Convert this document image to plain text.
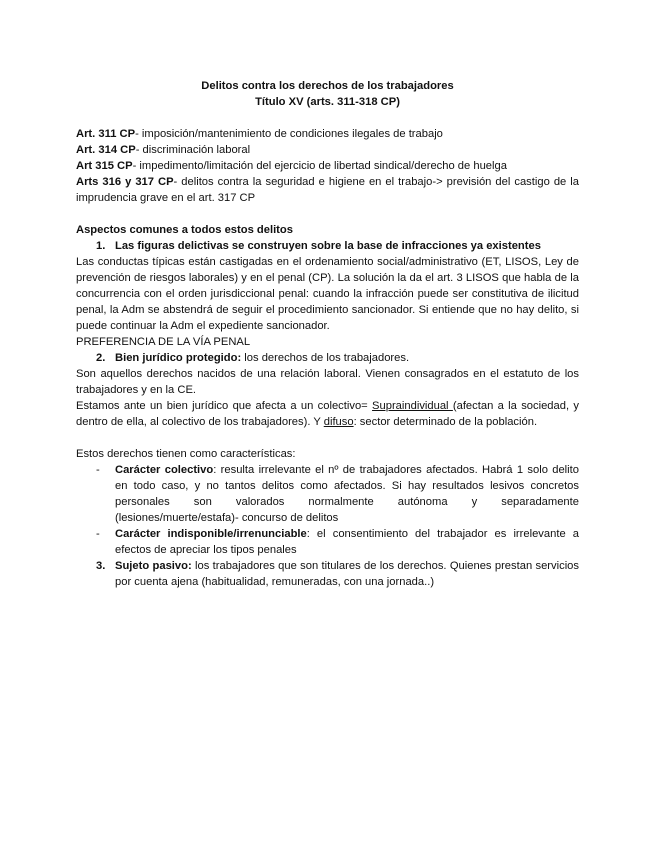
Delitos contra los derechos de los trabajadores
Título XV (arts. 311-318 CP)

Art. 311 CP- imposición/mantenimiento de condiciones ilegales de trabajo

Art. 314 CP- discriminación laboral

Art 315 CP- impedimento/limitación del ejercicio de libertad sindical/derecho de huelga

Arts 316 y 317 CP- delitos contra la seguridad e higiene en el trabajo-> previsión del castigo de la imprudencia grave en el art. 317 CP

Aspectos comunes a todos estos delitos

1. Las figuras delictivas se construyen sobre la base de infracciones ya existentes

Las conductas típicas están castigadas en el ordenamiento social/administrativo (ET, LISOS, Ley de prevención de riesgos laborales) y en el penal (CP). La solución la da el art. 3 LISOS que habla de la concurrencia con el orden jurisdiccional penal: cuando la infracción puede ser constitutiva de ilicitud penal, la Adm se abstendrá de seguir el procedimiento sancionador. Si entiende que no hay delito, si puede continuar la Adm el expediente sancionador.

PREFERENCIA DE LA VÍA PENAL

2. Bien jurídico protegido: los derechos de los trabajadores.

Son aquellos derechos nacidos de una relación laboral. Vienen consagrados en el estatuto de los trabajadores y en la CE.

Estamos ante un bien jurídico que afecta a un colectivo= Supraindividual (afectan a la sociedad, y dentro de ella, al colectivo de los trabajadores). Y difuso: sector determinado de la población.

Estos derechos tienen como características:

-	Carácter colectivo: resulta irrelevante el nº de trabajadores afectados. Habrá 1 solo delito en todo caso, y no tantos delitos como afectados. Si hay resultados lesivos concretos personales son valorados normalmente autónoma y separadamente (lesiones/muerte/estafa)- concurso de delitos
-	Carácter indisponible/irrenunciable: el consentimiento del trabajador es irrelevante a efectos de apreciar los tipos penales
3. Sujeto pasivo: los trabajadores que son titulares de los derechos. Quienes prestan servicios por cuenta ajena (habitualidad, remuneradas, con una jornada..)
